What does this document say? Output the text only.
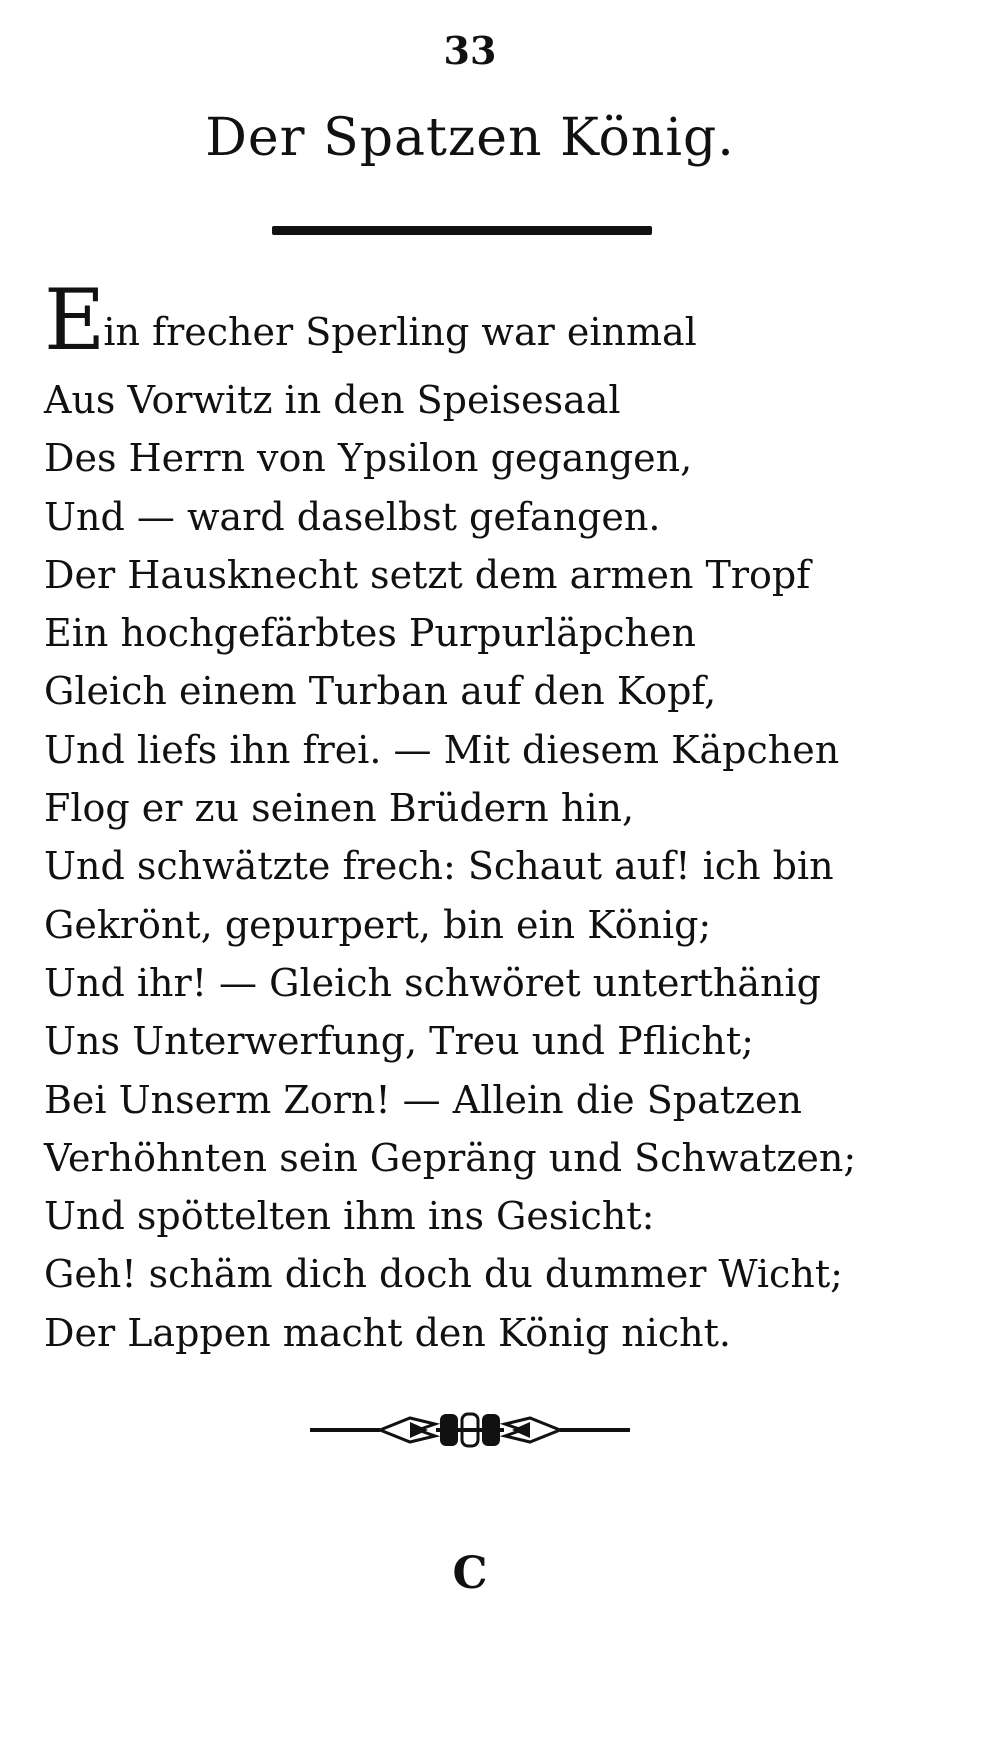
33
Der Spatzen König.
Ein frecher Sperling war einmal
Aus Vorwitz in den Speisesaal
Des Herrn von Ypsilon gegangen,
Und — ward daselbst gefangen.
Der Hausknecht setzt dem armen Tropf
Ein hochgefärbtes Purpurläpchen
Gleich einem Turban auf den Kopf,
Und liefs ihn frei. — Mit diesem Käpchen
Flog er zu seinen Brüdern hin,
Und schwätzte frech: Schaut auf! ich bin
Gekrönt, gepurpert, bin ein König;
Und ihr! — Gleich schwöret unterthänig
Uns Unterwerfung, Treu und Pflicht;
Bei Unserm Zorn! — Allein die Spatzen
Verhöhnten sein Gepräng und Schwatzen;
Und spöttelten ihm ins Gesicht:
Geh! schäm dich doch du dummer Wicht;
Der Lappen macht den König nicht.
C
